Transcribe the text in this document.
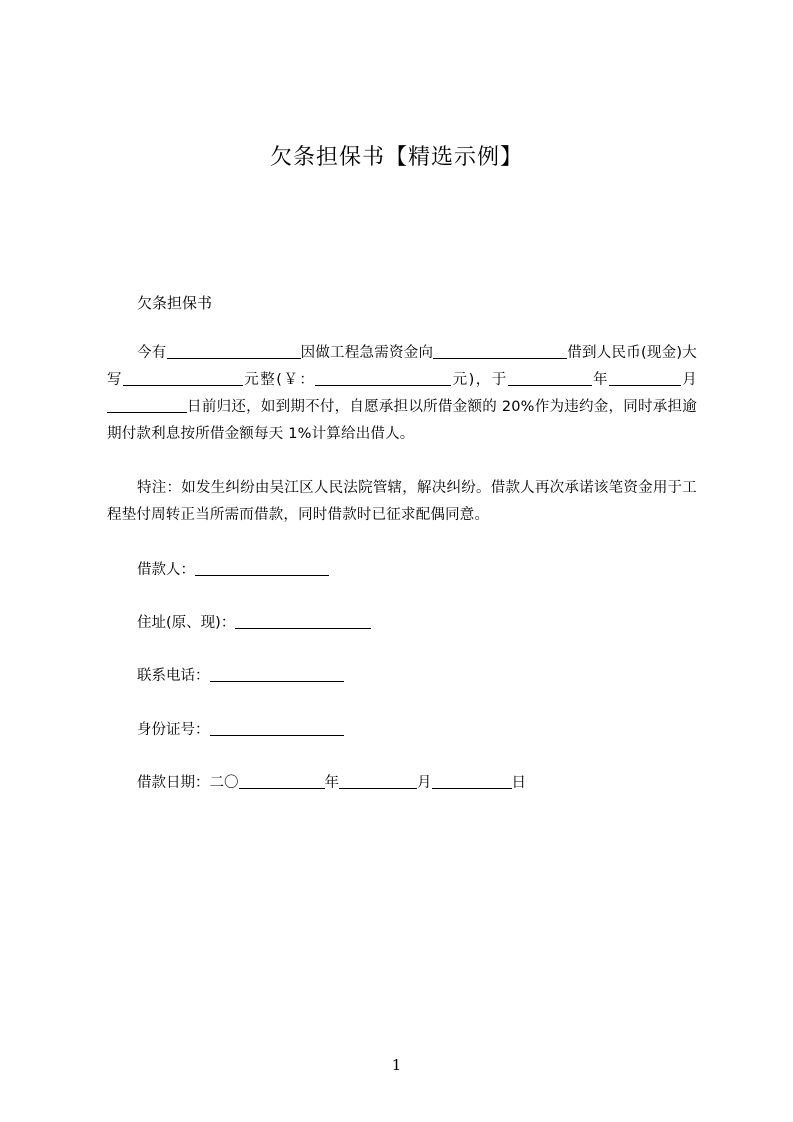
欠条担保书【精选示例】
欠条担保书
今有	因做工程急需资金向	借到人民币(现金)大写	元整(￥：	元)，于	年	月日前归还，如到期不付，自愿承担以所借金额的 20%作为违约金，同时承担逾期付款利息按所借金额每天 1%计算给出借人。
特注：如发生纠纷由吴江区人民法院管辖，解决纠纷。借款人再次承诺该笔资金用于工程垫付周转正当所需而借款，同时借款时已征求配偶同意。
借款人：
住址(原、现)：
联系电话：
身份证号：
借款日期：二〇	年	月	日
1
